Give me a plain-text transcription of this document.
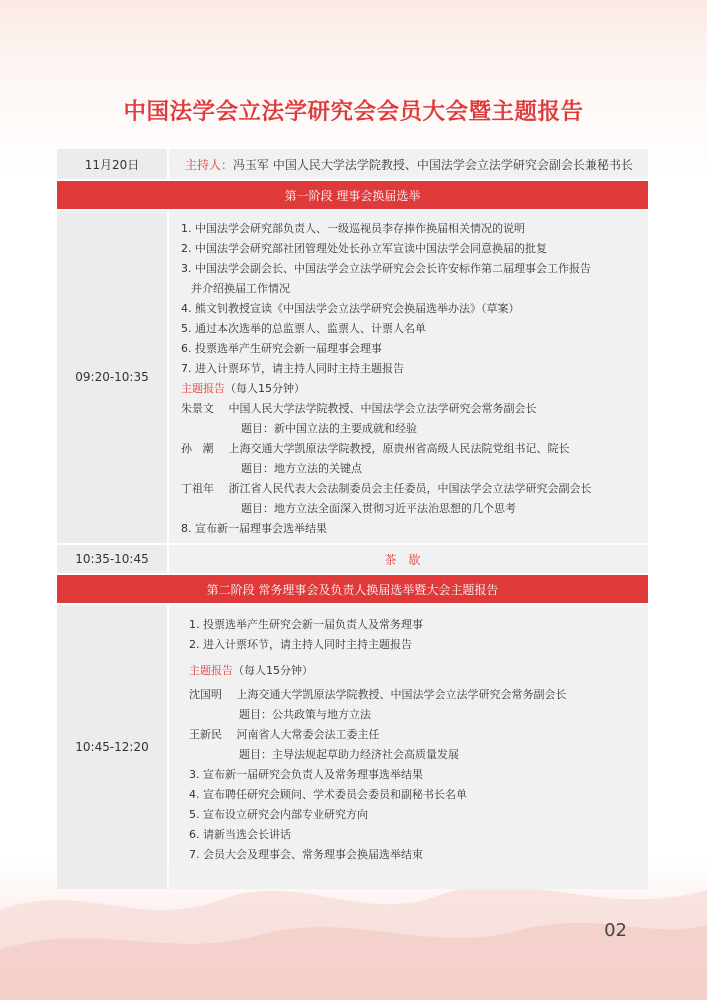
中国法学会立法学研究会会员大会暨主题报告
11月20日	主持人： 冯玉军 中国人民大学法学院教授、中国法学会立法学研究会副会长兼秘书长
第一阶段 理事会换届选举
09:20-10:35
1. 中国法学会研究部负责人、一级巡视员李存捧作换届相关情况的说明
2. 中国法学会研究部社团管理处处长孙立军宣读中国法学会同意换届的批复
3. 中国法学会副会长、中国法学会立法学研究会会长许安标作第二届理事会工作报告
并介绍换届工作情况
4. 熊文钊教授宣读《中国法学会立法学研究会换届选举办法》（草案）
5. 通过本次选举的总监票人、监票人、计票人名单
6. 投票选举产生研究会新一届理事会理事
7. 进入计票环节，请主持人同时主持主题报告
主题报告（每人15分钟）
朱景文 中国人民大学法学院教授、中国法学会立法学研究会常务副会长
题目：新中国立法的主要成就和经验
孙   潮 上海交通大学凯原法学院教授，原贵州省高级人民法院党组书记、院长
题目：地方立法的关键点
丁祖年 浙江省人民代表大会法制委员会主任委员，中国法学会立法学研究会副会长
题目：地方立法全面深入贯彻习近平法治思想的几个思考
8. 宣布新一届理事会选举结果
10:35-10:45	茶歇
第二阶段 常务理事会及负责人换届选举暨大会主题报告
10:45-12:20
1. 投票选举产生研究会新一届负责人及常务理事
2. 进入计票环节，请主持人同时主持主题报告
主题报告（每人15分钟）
沈国明 上海交通大学凯原法学院教授、中国法学会立法学研究会常务副会长
题目：公共政策与地方立法
王新民 河南省人大常委会法工委主任
题目：主导法规起草助力经济社会高质量发展
3. 宣布新一届研究会负责人及常务理事选举结果
4. 宣布聘任研究会顾问、学术委员会委员和副秘书长名单
5. 宣布设立研究会内部专业研究方向
6. 请新当选会长讲话
7. 会员大会及理事会、常务理事会换届选举结束
02
